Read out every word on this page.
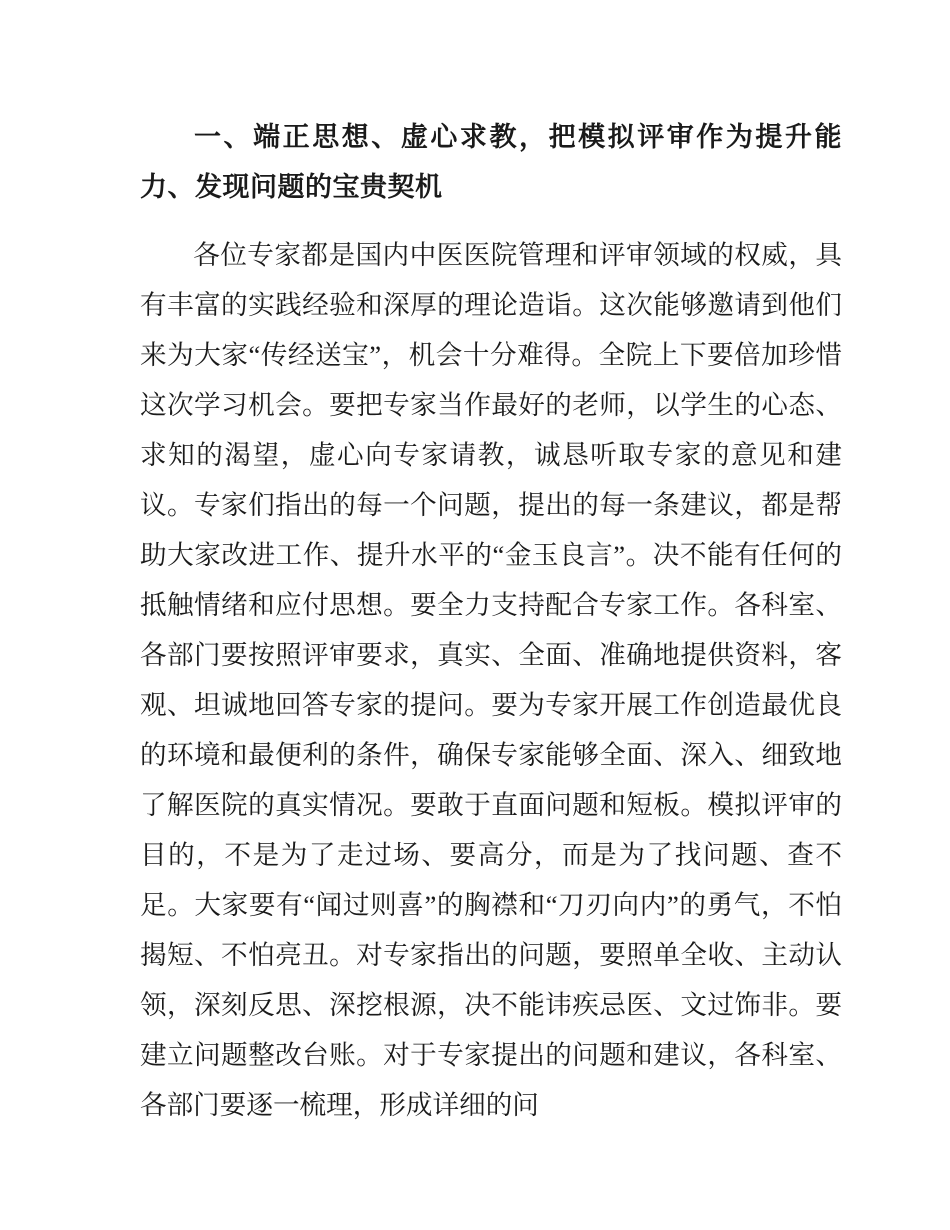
一、端正思想、虚心求教，把模拟评审作为提升能力、发现问题的宝贵契机

各位专家都是国内中医医院管理和评审领域的权威，具有丰富的实践经验和深厚的理论造诣。这次能够邀请到他们来为大家“传经送宝”，机会十分难得。全院上下要倍加珍惜这次学习机会。要把专家当作最好的老师，以学生的心态、求知的渴望，虚心向专家请教，诚恳听取专家的意见和建议。专家们指出的每一个问题，提出的每一条建议，都是帮助大家改进工作、提升水平的“金玉良言”。决不能有任何的抵触情绪和应付思想。要全力支持配合专家工作。各科室、各部门要按照评审要求，真实、全面、准确地提供资料，客观、坦诚地回答专家的提问。要为专家开展工作创造最优良的环境和最便利的条件，确保专家能够全面、深入、细致地了解医院的真实情况。要敢于直面问题和短板。模拟评审的目的，不是为了走过场、要高分，而是为了找问题、查不足。大家要有“闻过则喜”的胸襟和“刀刃向内”的勇气，不怕揭短、不怕亮丑。对专家指出的问题，要照单全收、主动认领，深刻反思、深挖根源，决不能讳疾忌医、文过饰非。要建立问题整改台账。对于专家提出的问题和建议，各科室、各部门要逐一梳理，形成详细的问
